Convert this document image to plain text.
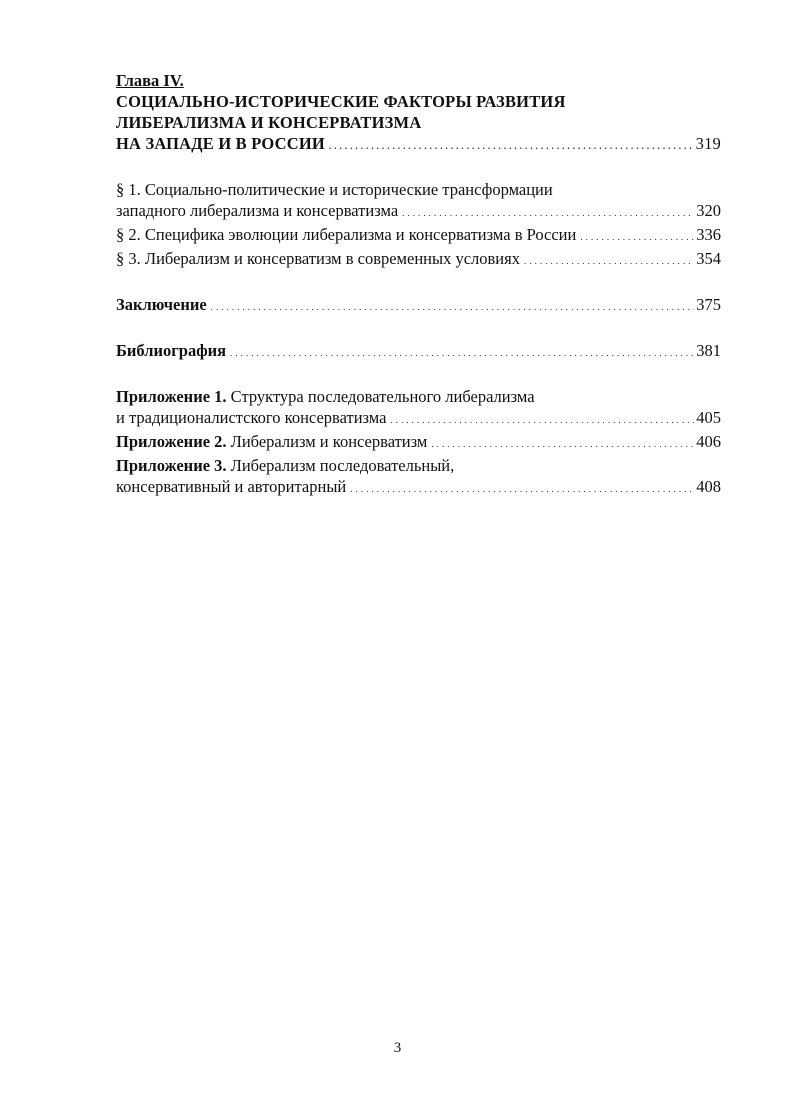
Глава IV.
СОЦИАЛЬНО-ИСТОРИЧЕСКИЕ ФАКТОРЫ РАЗВИТИЯ
ЛИБЕРАЛИЗМА И КОНСЕРВАТИЗМА
НА ЗАПАДЕ И В РОССИИ . . .	319
§ 1. Социально-политические и исторические трансформации
западного либерализма и консерватизма . . .	320
§ 2. Специфика эволюции либерализма и консерватизма в России . . .	336
§ 3. Либерализм и консерватизм в современных условиях . . .	354
Заключение . . .	375
Библиография . . .	381
Приложение 1. Структура последовательного либерализма
и традиционалистского консерватизма . . .	405
Приложение 2. Либерализм и консерватизм . . .	406
Приложение 3. Либерализм последовательный,
консервативный и авторитарный . . .	408
3
